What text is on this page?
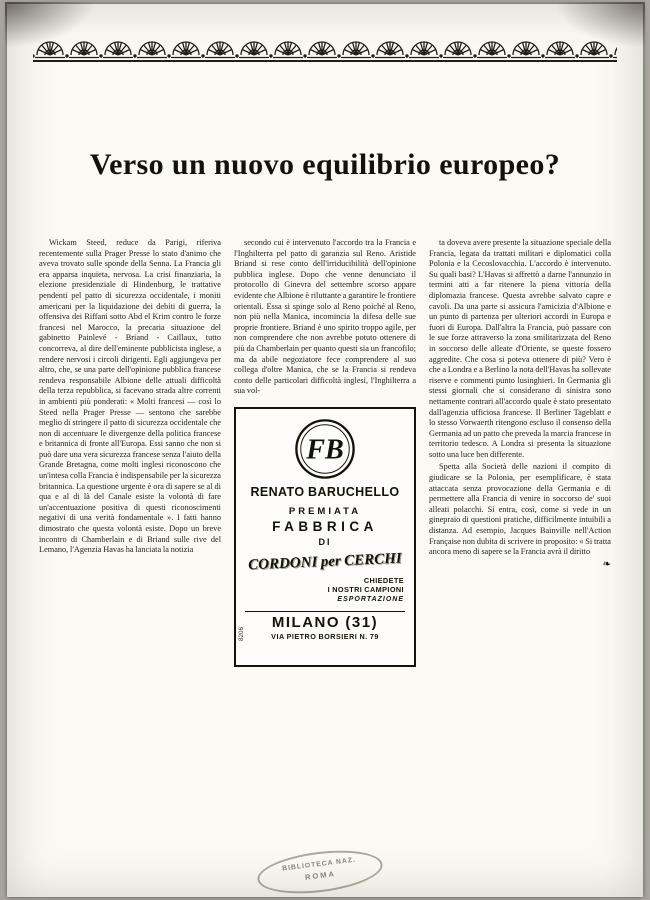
Verso un nuovo equilibrio europeo?

Wickam Steed, reduce da Parigi, riferiva recentemente sulla Prager Presse lo stato d'animo che aveva trovato sulle sponde della Senna. La Francia gli era apparsa inquieta, nervosa. La crisi finanziaria, la elezione presidenziale di Hindenburg, le trattative pendenti pel patto di sicurezza occidentale, i moniti americani per la liquidazione dei debiti di guerra, la offensiva dei Riffani sotto Abd el Krim contro le forze francesi nel Marocco, la precaria situazione del gabinetto Painlevé - Briand - Caillaux, tutto concorreva, al dire dell'eminente pubblicista inglese, a rendere nervosi i circoli dirigenti. Egli aggiungeva per altro, che, se una parte dell'opinione pubblica francese rendeva responsabile Albione delle attuali difficoltà della terza repubblica, si facevano strada altre correnti in ambienti più ponderati: « Molti francesi — così lo Steed nella Prager Presse — sentono che sarebbe meglio di stringere il patto di sicurezza occidentale che non di accentuare le divergenze della politica francese e britannica di fronte all'Europa. Essi sanno che non si può dare una vera sicurezza francese senza l'aiuto della Grande Bretagna, come molti inglesi riconoscono che un'intesa colla Francia è indispensabile per la sicurezza britannica. La questione urgente è ora di sapere se al di qua e al di là del Canale esiste la volontà di fare un'accentuazione positiva di questi riconoscimenti negativi di una verità fondamentale ». I fatti hanno dimostrato che questa volontà esiste. Dopo un breve incontro di Chamberlain e di Briand sulle rive del Lemano, l'Agenzia Havas ha lanciata la notizia

secondo cui è intervenuto l'accordo tra la Francia e l'Inghilterra pel patto di garanzia sul Reno. Aristide Briand si rese conto dell'irriducibilità dell'opinione pubblica inglese. Dopo che venne denunciato il protocollo di Ginevra del settembre scorso appare evidente che Albione è riluttante a garantire le frontiere orientali. Essa si spinge solo al Reno poiché al Reno, non più nella Manica, incomincia la difesa delle sue proprie frontiere. Briand è uno spirito troppo agile, per non comprendere che non avrebbe potuto ottenere di più da Chamberlain per quanto questi sia un francofilo; ma da abile negoziatore fece comprendere al suo collega d'oltre Manica, che se la Francia si rendeva conto delle particolari difficoltà inglesi, l'Inghilterra a sua vol-

FB
RENATO BARUCHELLO
PREMIATA
FABBRICA
DI
CORDONI per CERCHI
CHIEDETE
I NOSTRI CAMPIONI
ESPORTAZIONE
MILANO (31)
VIA PIETRO BORSIERI N. 79
8206

ta doveva avere presente la situazione speciale della Francia, legata da trattati militari e diplomatici colla Polonia e la Cecoslovacchia. L'accordo è intervenuto. Su quali basi? L'Havas si affrettò a darne l'annunzio in termini atti a far ritenere la piena vittoria della diplomazia francese. Questa avrebbe salvato capre e cavoli. Da una parte si assicura l'amicizia d'Albione e un punto di partenza per ulteriori accordi in Europa e fuori di Europa. Dall'altra la Francia, può passare con le sue forze attraverso la zona smilitarizzata del Reno in soccorso delle alleate d'Oriente, se queste fossero aggredite. Che cosa si poteva ottenere di più? Vero è che a Londra e a Berlino la nota dell'Havas ha sollevate riserve e commenti punto lusinghieri. In Germania gli stessi giornali che si considerano di sinistra sono nettamente contrari all'accordo quale è stato presentato dall'agenzia ufficiosa francese. Il Berliner Tageblatt e lo stesso Vorwaerth ritengono escluso il consenso della Germania ad un patto che preveda la marcia francese in territorio tedesco. A Londra si presenta la situazione sotto una luce ben differente.

Spetta alla Società delle nazioni il compito di giudicare se la Polonia, per esemplificare, è stata attaccata senza provocazione della Germania e di permettere alla Francia di venire in soccorso de' suoi alleati polacchi. Si entra, così, come si vede in un ginepraio di questioni pratiche, difficilmente intuibili a distanza. Ad esempio, Jacques Bainville nell'Action Française non dubita di scrivere in proposito: « Si tratta ancora meno di sapere se la Francia avrà il diritto

❧
BIBLIOTECA NAZ.
ROMA
